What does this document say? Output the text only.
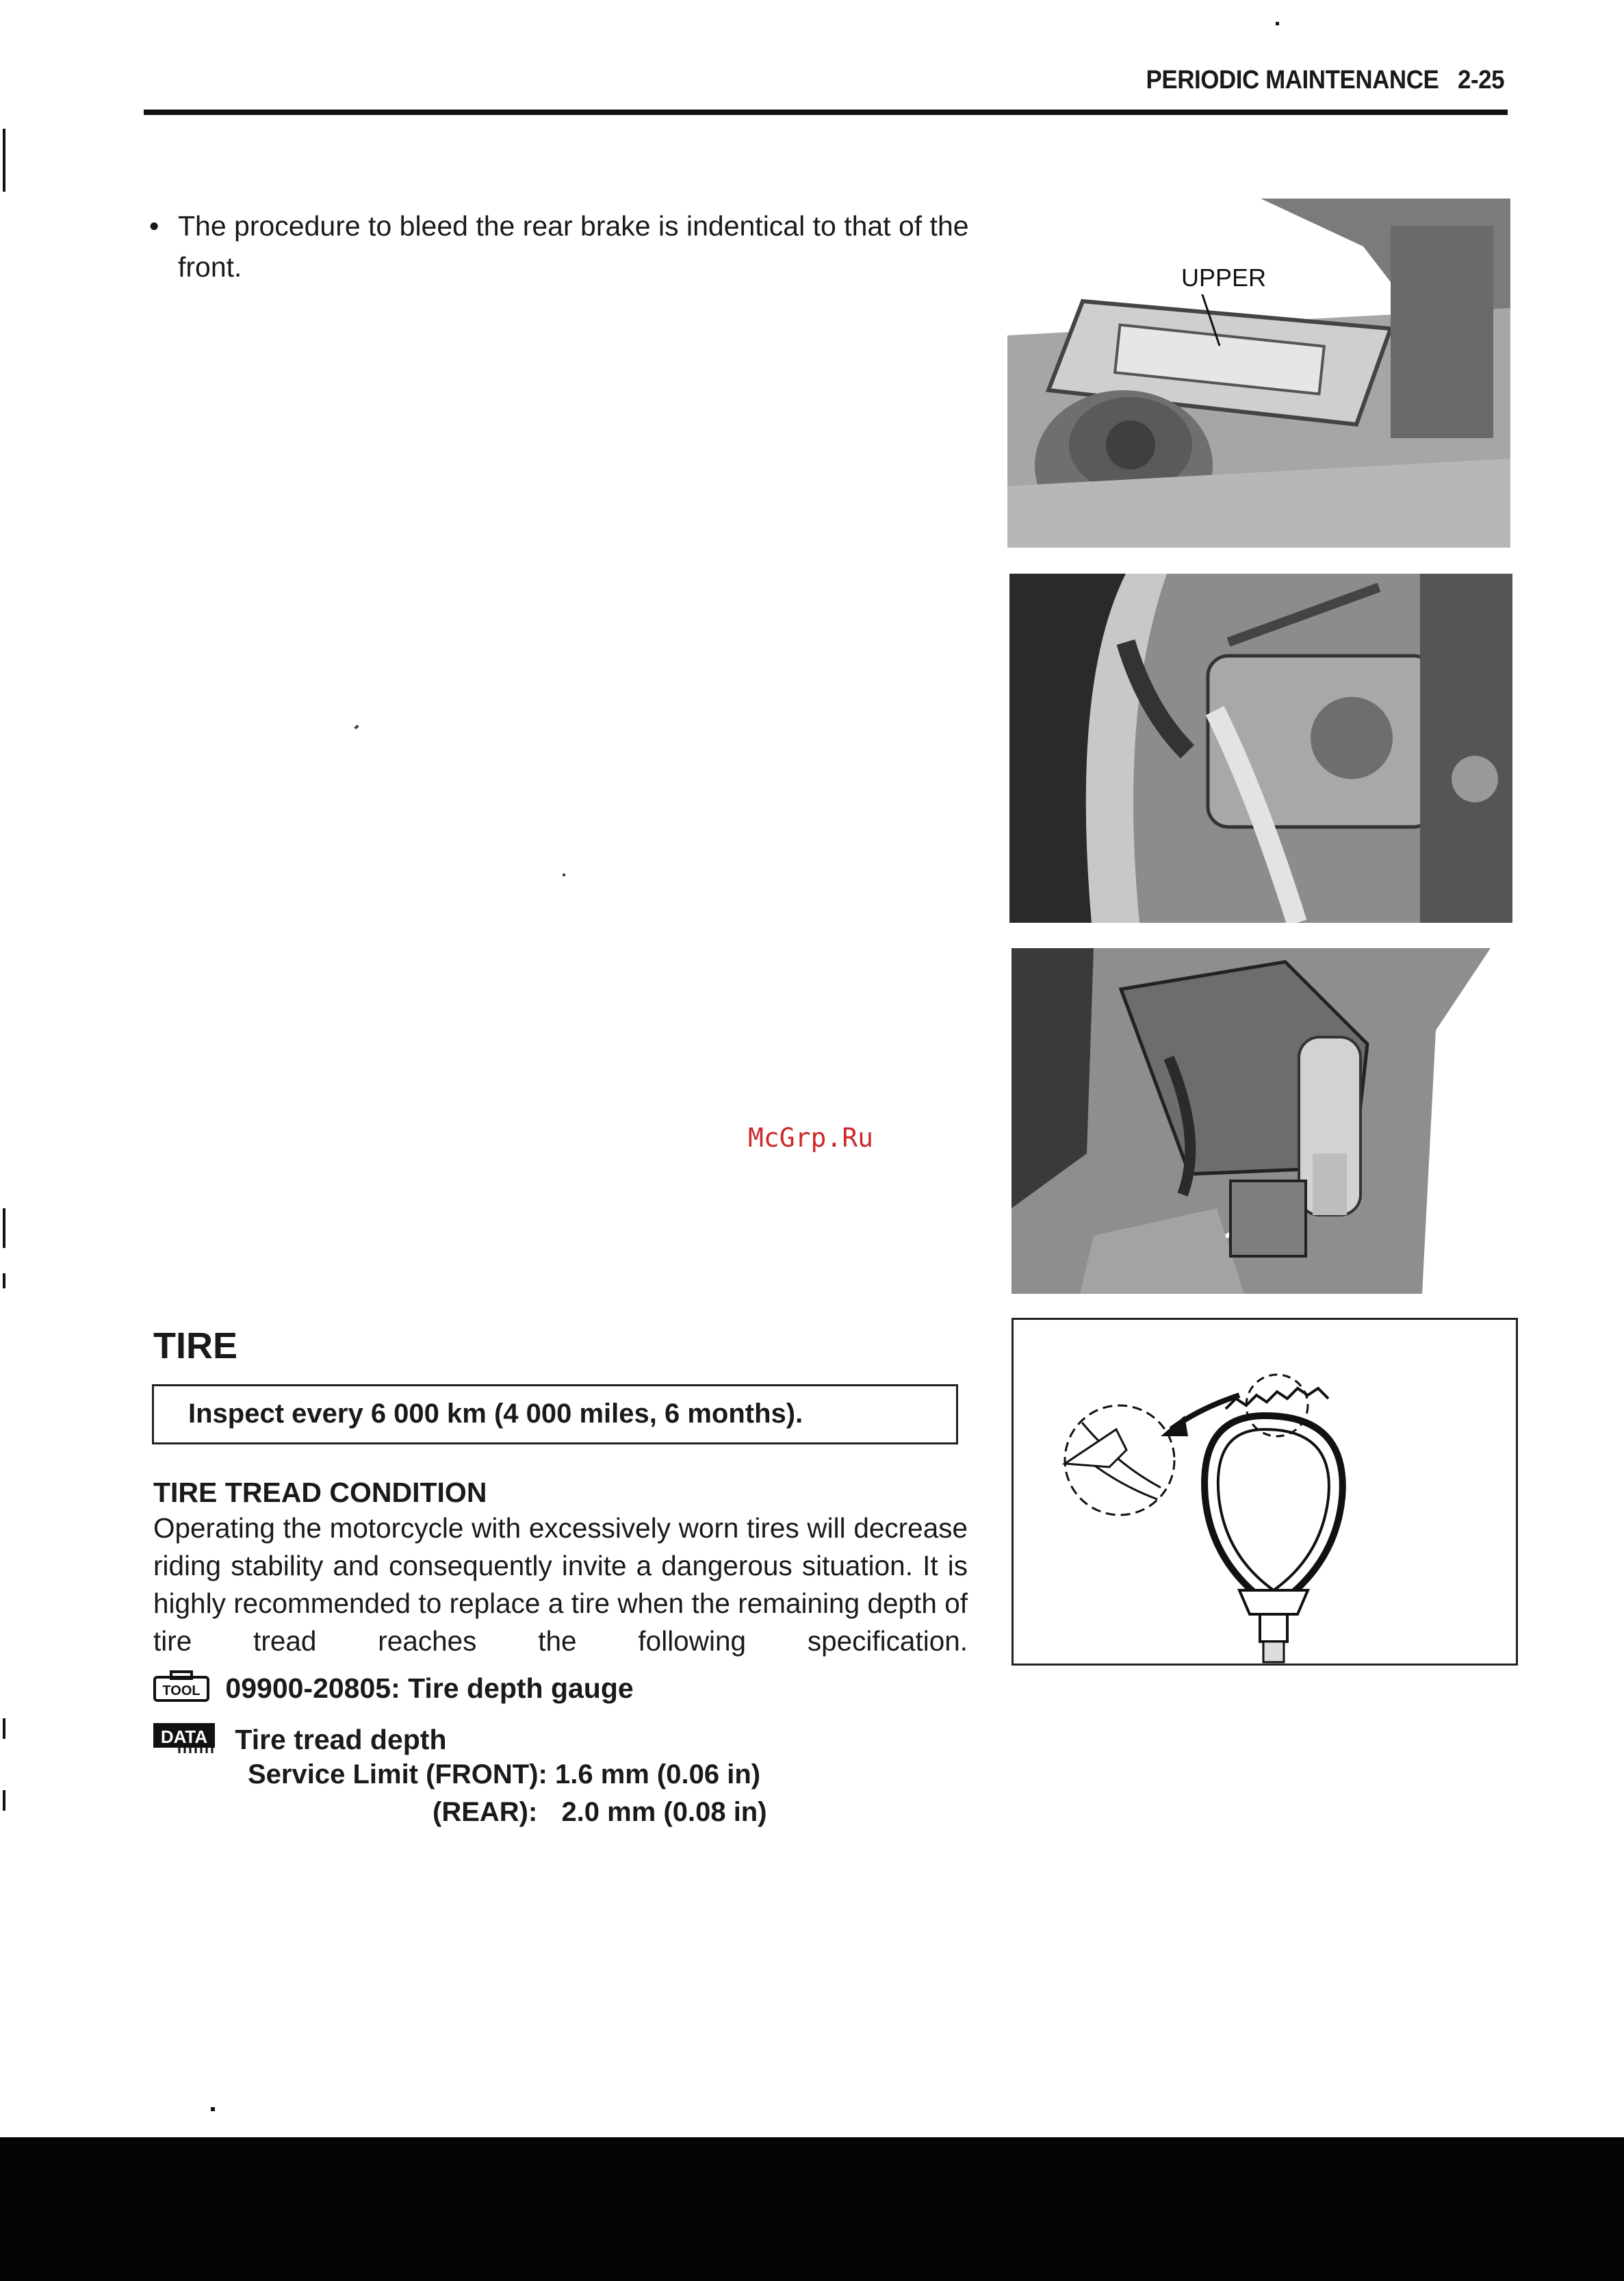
PERIODIC MAINTENANCE 2-25
• The procedure to bleed the rear brake is indentical to that of the front.
McGrp.Ru
UPPER
TIRE
Inspect every 6 000 km (4 000 miles, 6 months).
TIRE TREAD CONDITION

Operating the motorcycle with excessively worn tires will decrease riding stability and consequently invite a dangerous situation. It is highly recommended to replace a tire when the remaining depth of tire tread reaches the following specification.

TOOL 09900-20805: Tire depth gauge
DATA Tire tread depth
Service Limit (FRONT): 1.6 mm (0.06 in)
(REAR): 2.0 mm (0.08 in)
